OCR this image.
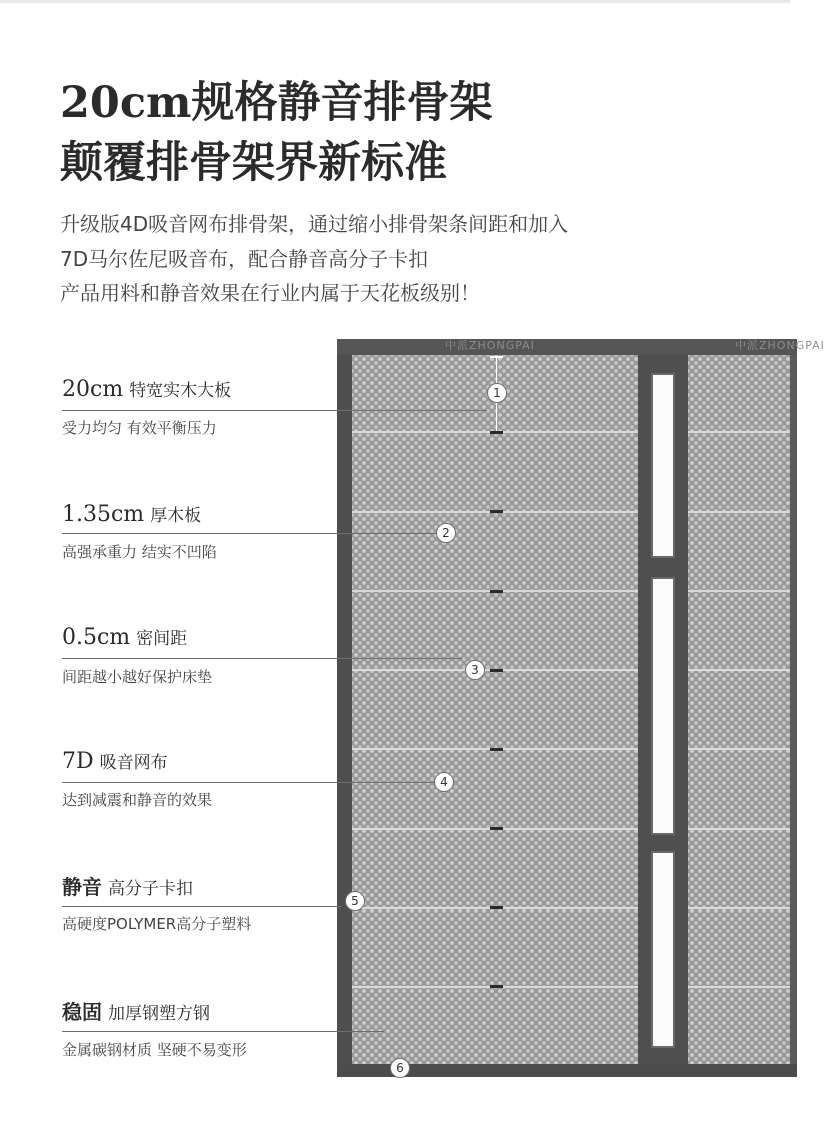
20cm规格静音排骨架
颠覆排骨架界新标准
升级版4D吸音网布排骨架，通过缩小排骨架条间距和加入
7D马尔佐尼吸音布，配合静音高分子卡扣
产品用料和静音效果在行业内属于天花板级别！
中派ZHONGPAI	中派ZHONGPAI
20cm 特宽实木大板
受力均匀 有效平衡压力
1
1.35cm 厚木板
高强承重力 结实不凹陷
2
0.5cm 密间距
间距越小越好保护床垫	3
7D 吸音网布
达到减震和静音的效果
4
静音 高分子卡扣
高硬度POLYMER高分子塑料
5
稳固 加厚钢塑方钢
金属碳钢材质 坚硬不易变形
6
